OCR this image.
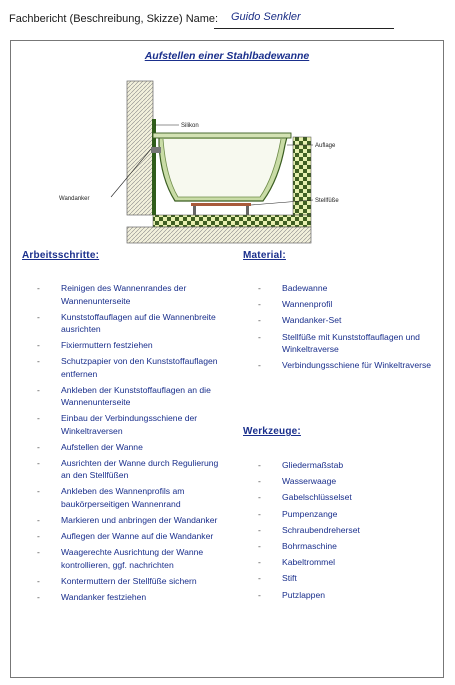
Fachbericht (Beschreibung, Skizze) Name: Guido Senkler
Aufstellen einer Stahlbadewanne
Silikon
Wandanker
Auflage
Stellfüße
Arbeitsschritte:
- Reinigen des Wannenrandes der Wannenunterseite
- Kunststoffauflagen auf die Wannenbreite ausrichten
- Fixiermuttern festziehen
- Schutzpapier von den Kunststoffauflagen entfernen
- Ankleben der Kunststoffauflagen an die Wannenunterseite
- Einbau der Verbindungsschiene der Winkeltraversen
- Aufstellen der Wanne
- Ausrichten der Wanne durch Regulierung an den Stellfüßen
- Ankleben des Wannenprofils am baukörperseitigen Wannenrand
- Markieren und anbringen der Wandanker
- Auflegen der Wanne auf die Wandanker
- Waagerechte Ausrichtung der Wanne kontrollieren, ggf. nachrichten
- Kontermuttern der Stellfüße sichern
- Wandanker festziehen
Material:
- Badewanne
- Wannenprofil
- Wandanker-Set
- Stellfüße mit Kunststoffauflagen und Winkeltraverse
- Verbindungsschiene für Winkeltraverse
Werkzeuge:
- Gliedermaßstab
- Wasserwaage
- Gabelschlüsselset
- Pumpenzange
- Schraubendreherset
- Bohrmaschine
- Kabeltrommel
- Stift
- Putzlappen
